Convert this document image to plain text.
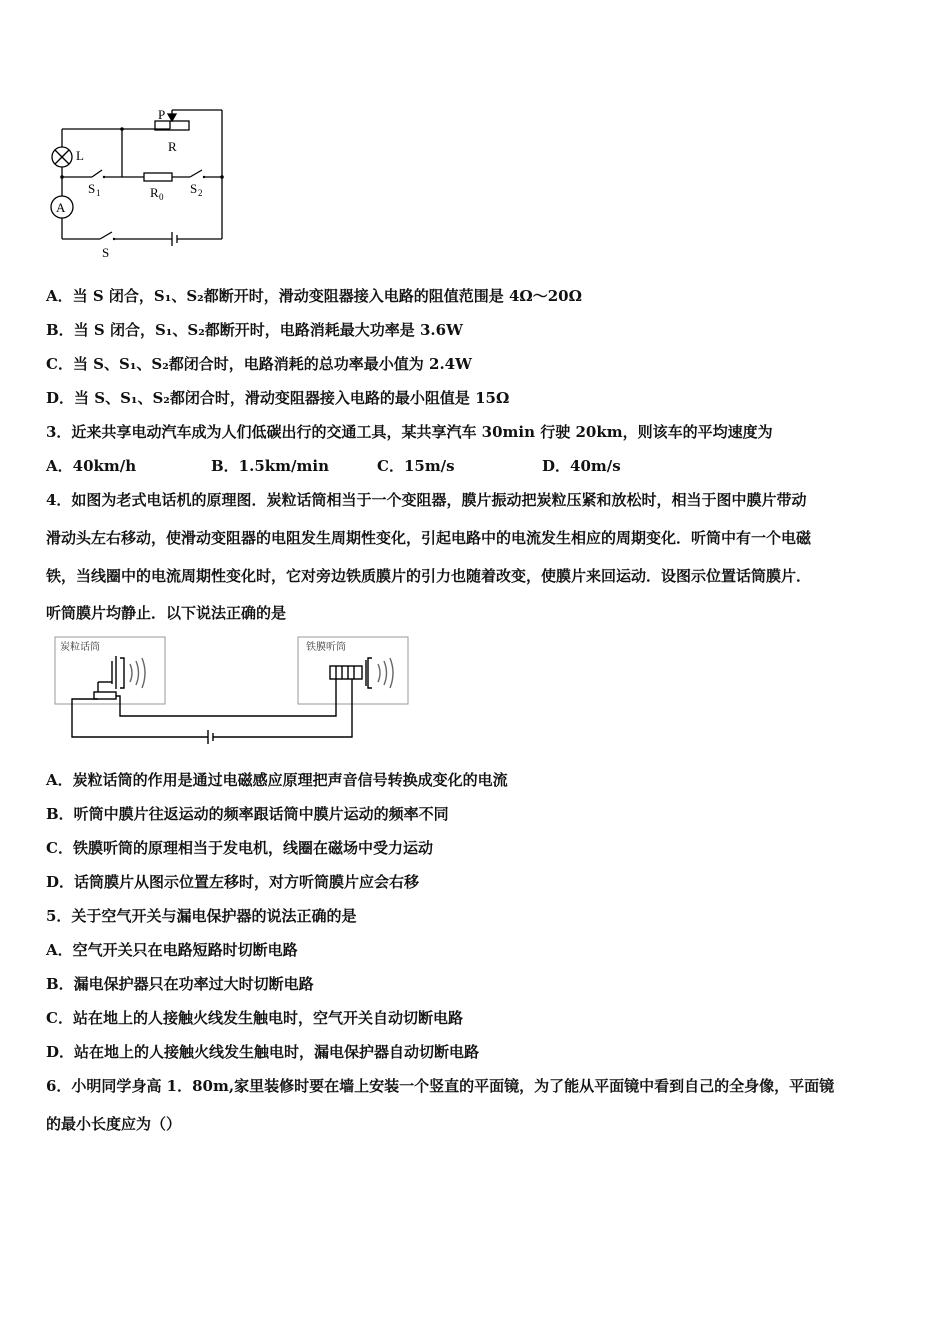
P
R
L
A
S 1	R 0
S 2
S
A．当 S 闭合，S₁、S₂都断开时，滑动变阻器接入电路的阻值范围是 4Ω～20Ω
B．当 S 闭合，S₁、S₂都断开时，电路消耗最大功率是 3.6W
C．当 S、S₁、S₂都闭合时，电路消耗的总功率最小值为 2.4W
D．当 S、S₁、S₂都闭合时，滑动变阻器接入电路的最小阻值是 15Ω
3．近来共享电动汽车成为人们低碳出行的交通工具，某共享汽车 30min 行驶 20km，则该车的平均速度为
A．40km/h	B．1.5km/min	C．15m/s	D．40m/s
4．如图为老式电话机的原理图．炭粒话筒相当于一个变阻器，膜片振动把炭粒压紧和放松时，相当于图中膜片带动
滑动头左右移动，使滑动变阻器的电阻发生周期性变化，引起电路中的电流发生相应的周期变化．听筒中有一个电磁
铁，当线圈中的电流周期性变化时，它对旁边铁质膜片的引力也随着改变，使膜片来回运动．设图示位置话筒膜片．
听筒膜片均静止．以下说法正确的是
炭粒话筒	铁膜听筒
A．炭粒话筒的作用是通过电磁感应原理把声音信号转换成变化的电流
B．听筒中膜片往返运动的频率跟话筒中膜片运动的频率不同
C．铁膜听筒的原理相当于发电机，线圈在磁场中受力运动
D．话筒膜片从图示位置左移时，对方听筒膜片应会右移
5．关于空气开关与漏电保护器的说法正确的是
A．空气开关只在电路短路时切断电路
B．漏电保护器只在功率过大时切断电路
C．站在地上的人接触火线发生触电时，空气开关自动切断电路
D．站在地上的人接触火线发生触电时，漏电保护器自动切断电路
6．小明同学身高 1．80m,家里装修时要在墙上安装一个竖直的平面镜，为了能从平面镜中看到自己的全身像，平面镜
的最小长度应为（）
